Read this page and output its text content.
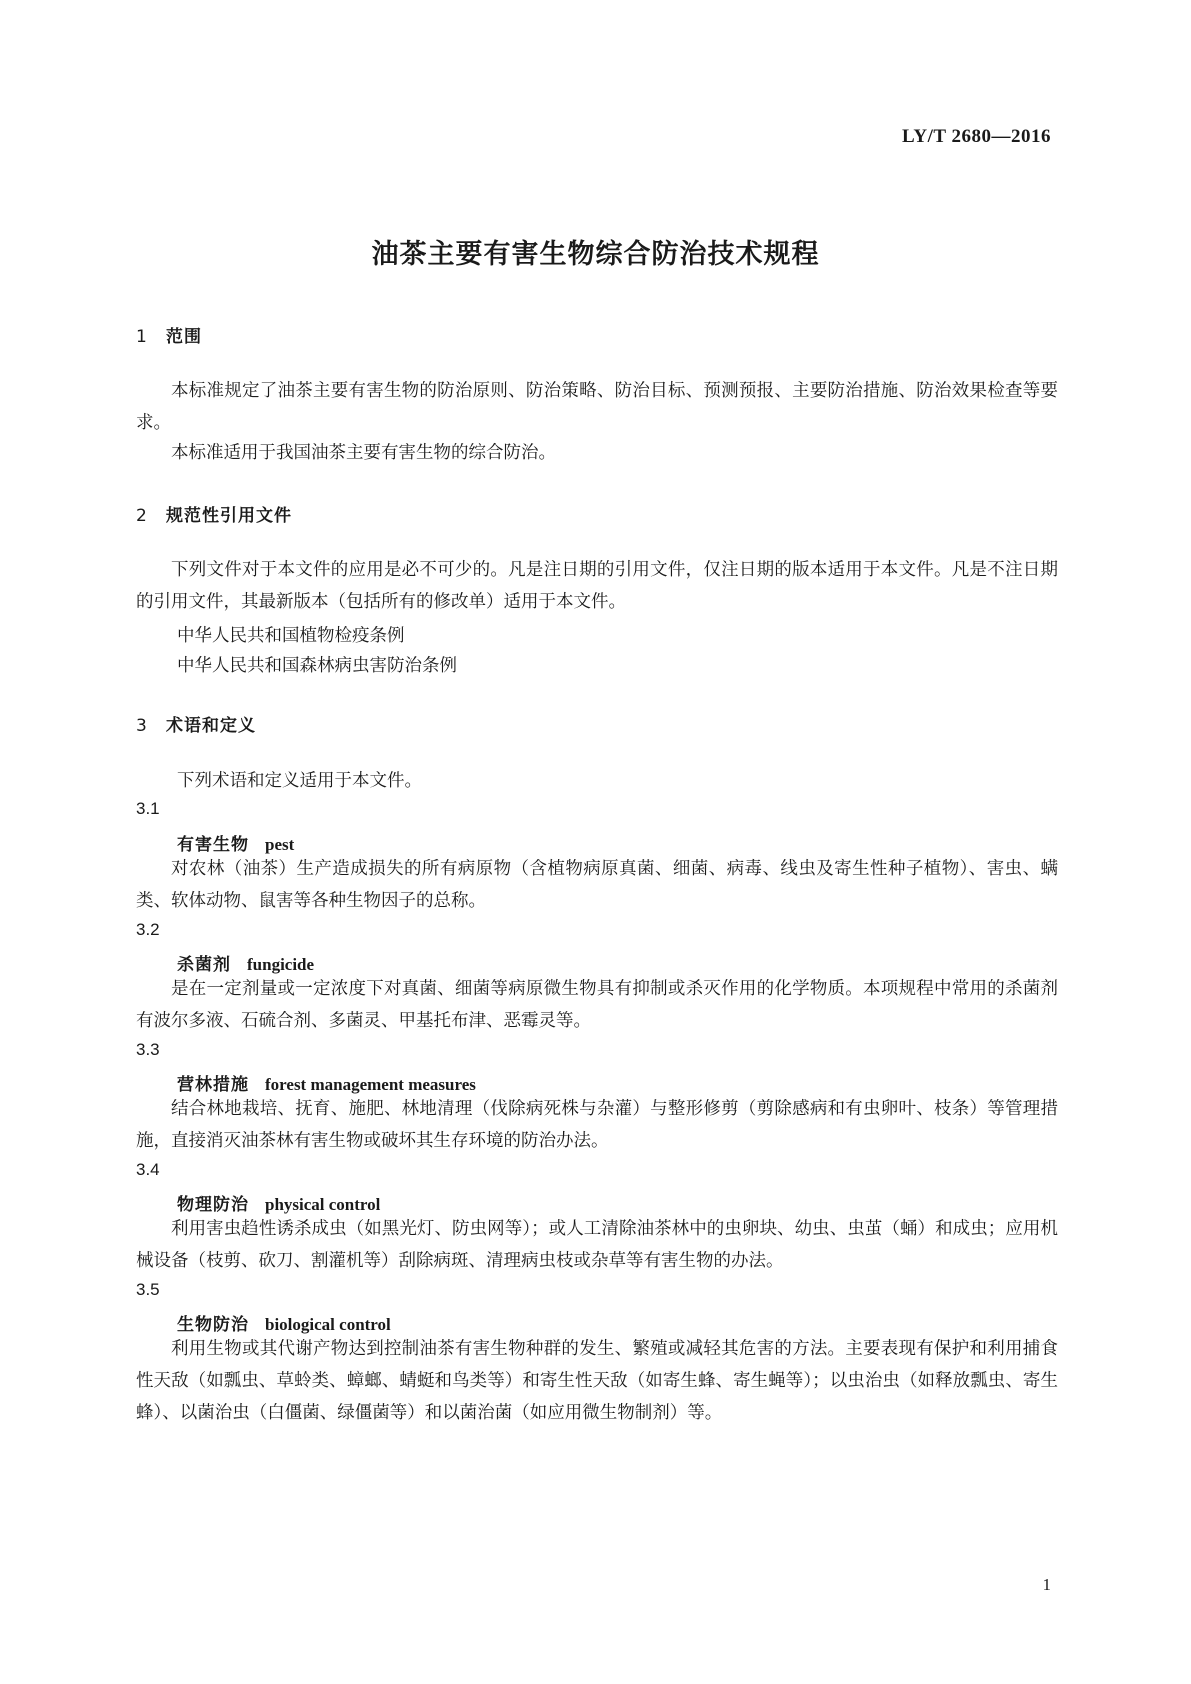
LY/T 2680—2016
油茶主要有害生物综合防治技术规程
1 范围
本标准规定了油茶主要有害生物的防治原则、防治策略、防治目标、预测预报、主要防治措施、防治效果检查等要求。
本标准适用于我国油茶主要有害生物的综合防治。
2 规范性引用文件
下列文件对于本文件的应用是必不可少的。凡是注日期的引用文件，仅注日期的版本适用于本文件。凡是不注日期的引用文件，其最新版本（包括所有的修改单）适用于本文件。
中华人民共和国植物检疫条例
中华人民共和国森林病虫害防治条例
3 术语和定义
下列术语和定义适用于本文件。
3.1
有害生物 pest
对农林（油茶）生产造成损失的所有病原物（含植物病原真菌、细菌、病毒、线虫及寄生性种子植物）、害虫、螨类、软体动物、鼠害等各种生物因子的总称。
3.2
杀菌剂 fungicide
是在一定剂量或一定浓度下对真菌、细菌等病原微生物具有抑制或杀灭作用的化学物质。本项规程中常用的杀菌剂有波尔多液、石硫合剂、多菌灵、甲基托布津、恶霉灵等。
3.3
营林措施 forest management measures
结合林地栽培、抚育、施肥、林地清理（伐除病死株与杂灌）与整形修剪（剪除感病和有虫卵叶、枝条）等管理措施，直接消灭油茶林有害生物或破坏其生存环境的防治办法。
3.4
物理防治 physical control
利用害虫趋性诱杀成虫（如黑光灯、防虫网等）；或人工清除油茶林中的虫卵块、幼虫、虫茧（蛹）和成虫；应用机械设备（枝剪、砍刀、割灌机等）刮除病斑、清理病虫枝或杂草等有害生物的办法。
3.5
生物防治 biological control
利用生物或其代谢产物达到控制油茶有害生物种群的发生、繁殖或减轻其危害的方法。主要表现有保护和利用捕食性天敌（如瓢虫、草蛉类、蟑螂、蜻蜓和鸟类等）和寄生性天敌（如寄生蜂、寄生蝇等）；以虫治虫（如释放瓢虫、寄生蜂）、以菌治虫（白僵菌、绿僵菌等）和以菌治菌（如应用微生物制剂）等。
1
